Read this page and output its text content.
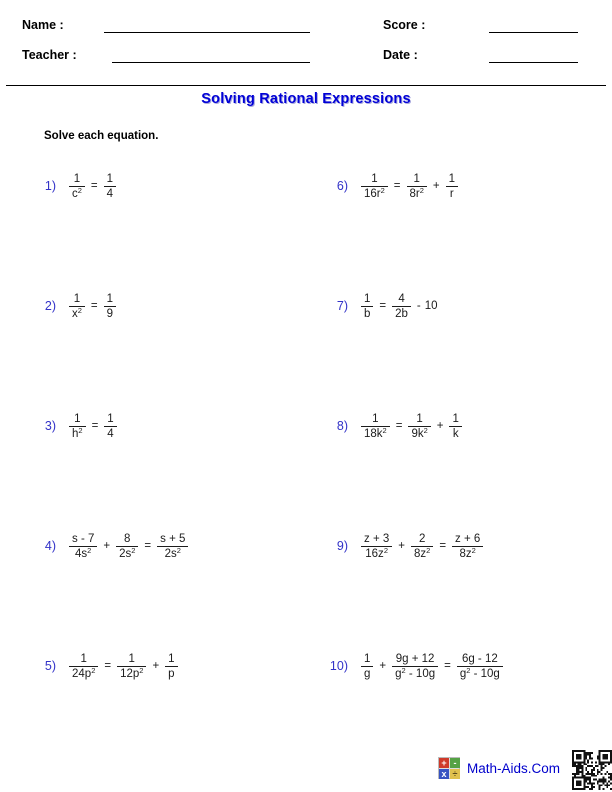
Name :	Score :
Teacher :	Date :
Solving Rational Expressions
Solve each equation.
$1) \frac{1}{c^2} = \frac{1}{4}$
$2) \frac{1}{x^2} = \frac{1}{9}$
$3) \frac{1}{h^2} = \frac{1}{4}$
$4) \frac{s - 7}{4s^2} + \frac{8}{2s^2} = \frac{s + 5}{2s^2}$
$5) \frac{1}{24p^2} = \frac{1}{12p^2} + \frac{1}{p}$
$6) \frac{1}{16r^2} = \frac{1}{8r^2} + \frac{1}{r}$
$7) \frac{1}{b} = \frac{4}{2b} - 10$
$8) \frac{1}{18k^2} = \frac{1}{9k^2} + \frac{1}{k}$
$9) \frac{z + 3}{16z^2} + \frac{2}{8z^2} = \frac{z + 6}{8z^2}$
$10) \frac{1}{g} + \frac{9g + 12}{g^2 - 10g} = \frac{6g - 12}{g^2 - 10g}$
+ -
x ÷ Math-Aids.Com
